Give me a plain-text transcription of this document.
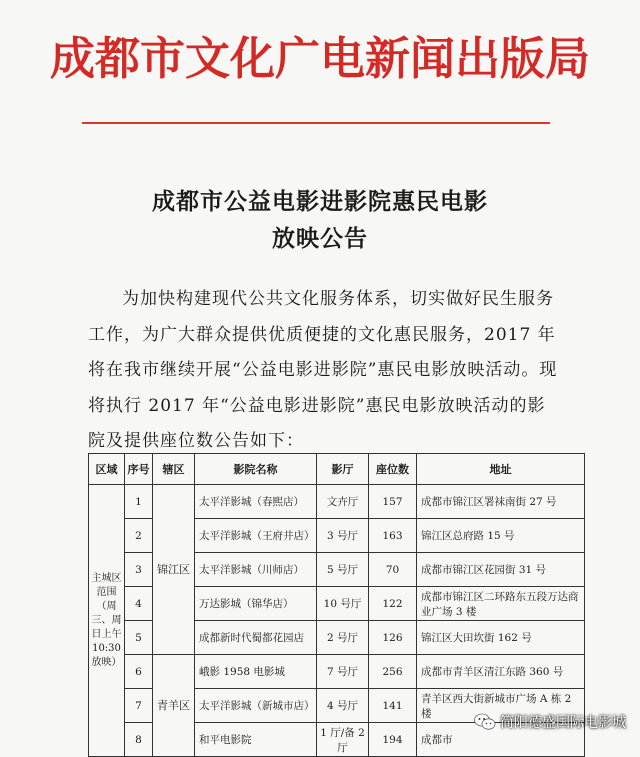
成都市文化广电新闻出版局
成都市公益电影进影院惠民电影
放映公告
为加快构建现代公共文化服务体系，切实做好民生服务工作，为广大群众提供优质便捷的文化惠民服务，2017 年将在我市继续开展“公益电影进影院”惠民电影放映活动。现将执行 2017 年“公益电影进影院”惠民电影放映活动的影院及提供座位数公告如下：
区域	序号	辖区	影院名称	影厅	座位数	地址
主城区范围（周三、周日上午10:30放映）	1	锦江区	太平洋影城（春熙店）	文卉厅	157	成都市锦江区署袜南街 27 号
	2		太平洋影城（王府井店）	3 号厅	163	锦江区总府路 15 号
	3		太平洋影城（川师店）	5 号厅	70	成都市锦江区花园街 31 号
	4		万达影城（锦华店）	10 号厅	122	成都市锦江区二环路东五段万达商业广场 3 楼
	5		成都新时代蜀都花园店	2 号厅	126	锦江区大田坎街 162 号
	6	青羊区	峨影 1958 电影城	7 号厅	256	成都市青羊区清江东路 360 号
	7		太平洋影城（新城市店）	4 号厅	141	青羊区西大街新城市广场 A 栋 2 楼
	8		和平电影院	1 厅/备 2 厅	194	成都市
简阳德盛国际电影城
